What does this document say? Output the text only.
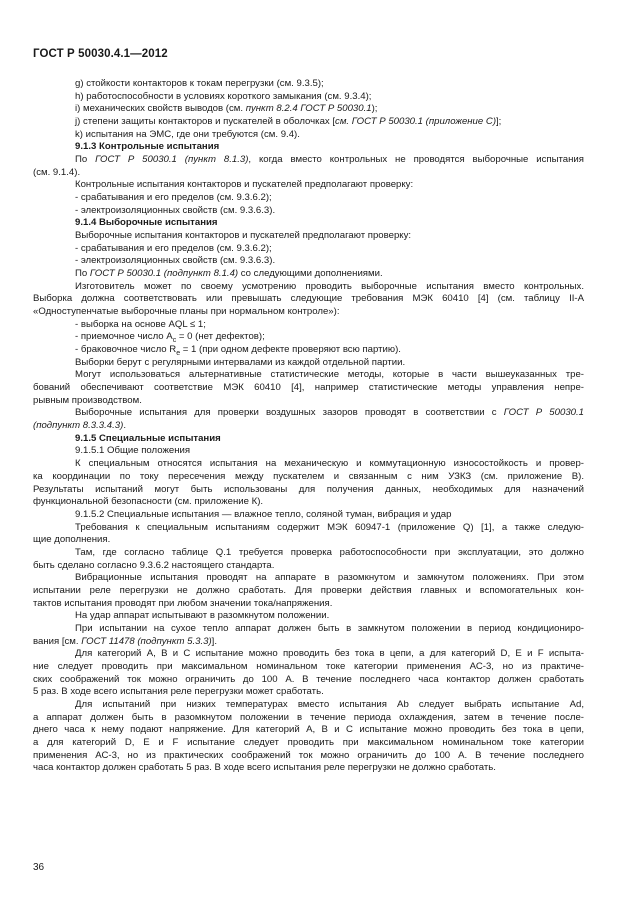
ГОСТ Р 50030.4.1—2012
g) стойкости контакторов к токам перегрузки (см. 9.3.5);
h) работоспособности в условиях короткого замыкания (см. 9.3.4);
i) механических свойств выводов (см. пункт 8.2.4 ГОСТ Р 50030.1);
j) степени защиты контакторов и пускателей в оболочках [см. ГОСТ Р 50030.1 (приложение С)];
k) испытания на ЭМС, где они требуются (см. 9.4).
9.1.3 Контрольные испытания
По ГОСТ Р 50030.1 (пункт 8.1.3), когда вместо контрольных не проводятся выборочные испытания
(см. 9.1.4).
Контрольные испытания контакторов и пускателей предполагают проверку:
- срабатывания и его пределов (см. 9.3.6.2);
- электроизоляционных свойств (см. 9.3.6.3).
9.1.4 Выборочные испытания
Выборочные испытания контакторов и пускателей предполагают проверку:
- срабатывания и его пределов (см. 9.3.6.2);
- электроизоляционных свойств (см. 9.3.6.3).
По ГОСТ Р 50030.1 (подпункт 8.1.4) со следующими дополнениями.
Изготовитель может по своему усмотрению проводить выборочные испытания вместо контрольных.
Выборка должна соответствовать или превышать следующие требования МЭК 60410 [4] (см. таблицу II-A
«Одноступенчатые выборочные планы при нормальном контроле»):
- выборка на основе AQL ≤ 1;
- приемочное число $A_c = 0$ (нет дефектов);
- браковочное число $R_e = 1$ (при одном дефекте проверяют всю партию).
Выборки берут с регулярными интервалами из каждой отдельной партии.
Могут использоваться альтернативные статистические методы, которые в части вышеуказанных тре-
бований обеспечивают соответствие МЭК 60410 [4], например статистические методы управления непре-
рывным производством.
Выборочные испытания для проверки воздушных зазоров проводят в соответствии с ГОСТ Р 50030.1
(подпункт 8.3.3.4.3).
9.1.5 Специальные испытания
9.1.5.1 Общие положения
К специальным относятся испытания на механическую и коммутационную износостойкость и провер-
ка координации по току пересечения между пускателем и связанным с ним УЗКЗ (см. приложение В).
Результаты испытаний могут быть использованы для получения данных, необходимых для назначений
функциональной безопасности (см. приложение К).
9.1.5.2 Специальные испытания — влажное тепло, соляной туман, вибрация и удар
Требования к специальным испытаниям содержит МЭК 60947-1 (приложение Q) [1], а также следую-
щие дополнения.
Там, где согласно таблице Q.1 требуется проверка работоспособности при эксплуатации, это должно
быть сделано согласно 9.3.6.2 настоящего стандарта.
Вибрационные испытания проводят на аппарате в разомкнутом и замкнутом положениях. При этом
испытании реле перегрузки не должно сработать. Для проверки действия главных и вспомогательных кон-
тактов испытания проводят при любом значении тока/напряжения.
На удар аппарат испытывают в разомкнутом положении.
При испытании на сухое тепло аппарат должен быть в замкнутом положении в период кондициониро-
вания [см. ГОСТ 11478 (подпункт 5.3.3)].
Для категорий А, В и С испытание можно проводить без тока в цепи, а для категорий D, E и F испыта-
ние следует проводить при максимальном номинальном токе категории применения АС-3, но из практиче-
ских соображений ток можно ограничить до 100 А. В течение последнего часа контактор должен сработать
5 раз. В ходе всего испытания реле перегрузки может сработать.
Для испытаний при низких температурах вместо испытания Ab следует выбрать испытание Ad,
а аппарат должен быть в разомкнутом положении в течение периода охлаждения, затем в течение после-
днего часа к нему подают напряжение. Для категорий А, В и С испытание можно проводить без тока в цепи,
а для категорий D, E и F испытание следует проводить при максимальном номинальном токе категории
применения АС-3, но из практических соображений ток можно ограничить до 100 А. В течение последнего
часа контактор должен сработать 5 раз. В ходе всего испытания реле перегрузки не должно сработать.
36
